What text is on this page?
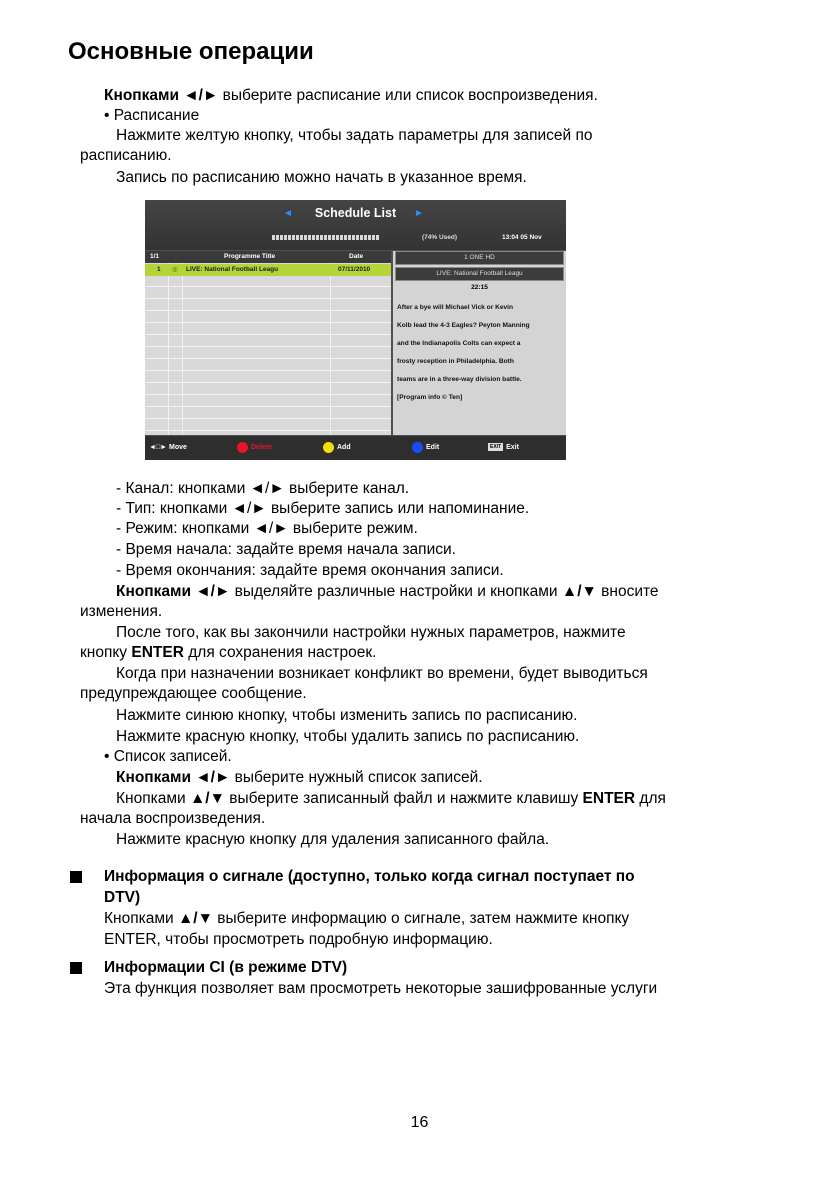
Основные операции
Кнопками ◄/► выберите расписание или список воспроизведения.
• Расписание
Нажмите желтую кнопку, чтобы задать параметры для записей по
расписанию.
Запись по расписанию можно начать в указанное время.
◄	Schedule List	►
(74% Used)	13:04 05 Nov
1/1	Programme Title	Date
1 ◎ LIVE: National Football Leagu	07/11/2010
1 ONE HD
LIVE: National Football Leagu
22:15
After a bye will Michael Vick or Kevin
Kolb lead the 4-3 Eagles? Peyton Manning
and the Indianapolis Colts can expect a
frosty reception in Philadelphia. Both
teams are in a three-way division battle.
[Program info © Ten]
◄□► Move	Delete	Add	Edit	EXIT Exit
- Канал: кнопками ◄/► выберите канал.
- Тип: кнопками ◄/► выберите запись или напоминание.
- Режим: кнопками ◄/► выберите режим.
- Время начала: задайте время начала записи.
- Время окончания: задайте время окончания записи.
Кнопками ◄/► выделяйте различные настройки и кнопками ▲/▼ вносите
изменения.
После того, как вы закончили настройки нужных параметров, нажмите
кнопку ENTER для сохранения настроек.
Когда при назначении возникает конфликт во времени, будет выводиться
предупреждающее сообщение.
Нажмите синюю кнопку, чтобы изменить запись по расписанию.
Нажмите красную кнопку, чтобы удалить запись по расписанию.
• Список записей.
Кнопками ◄/► выберите нужный список записей.
Кнопками ▲/▼ выберите записанный файл и нажмите клавишу ENTER для
начала воспроизведения.
Нажмите красную кнопку для удаления записанного файла.
Информация о сигнале (доступно, только когда сигнал поступает по
DTV)
Кнопками ▲/▼ выберите информацию о сигнале, затем нажмите кнопку
ENTER, чтобы просмотреть подробную информацию.
Информации CI (в режиме DTV)
Эта функция позволяет вам просмотреть некоторые зашифрованные услуги
16
